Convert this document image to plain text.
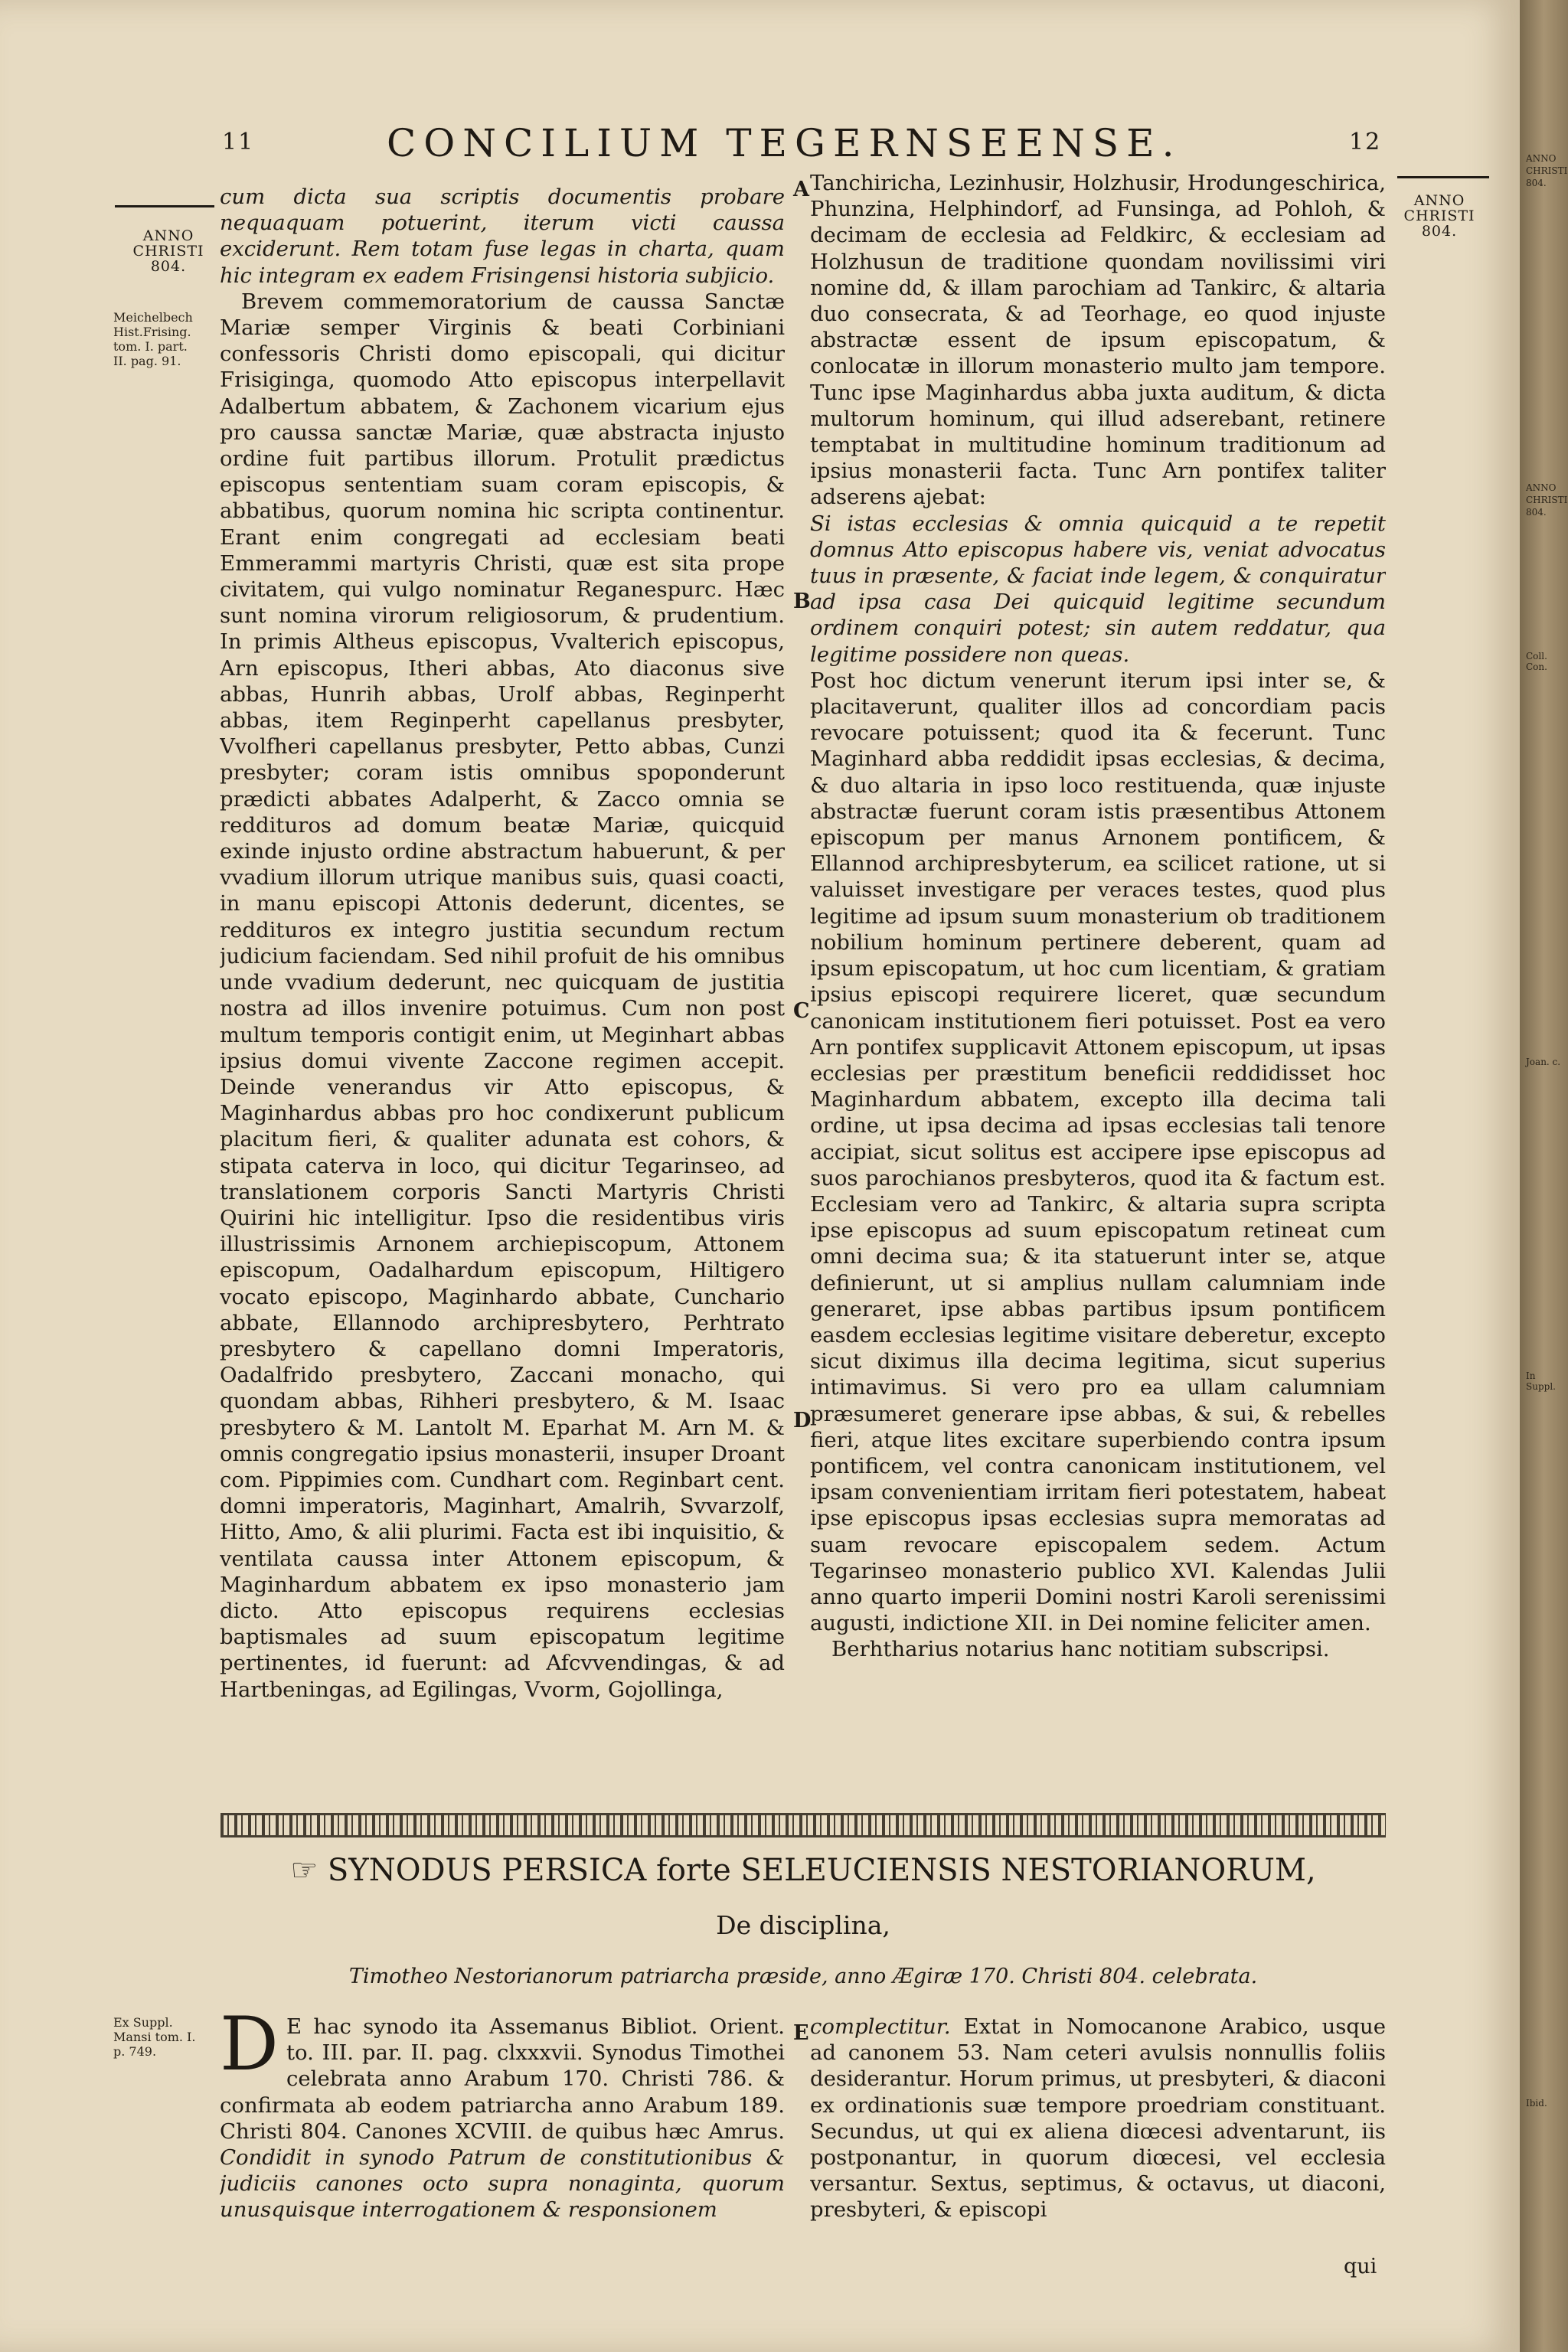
11	CONCILIUM TEGERNSEENSE.	12
ANNO
CHRISTI
804.
ANNO
CHRISTI
804.
Meichelbech
Hist.Frising.
tom. I. part.
II. pag. 91.
A
B
C
D
E

cum dicta sua scriptis documentis probare nequaquam potuerint, iterum victi caussa exciderunt. Rem totam fuse legas in charta, quam hic integram ex eadem Frisingensi historia subjicio.

Brevem commemoratorium de caussa Sanctæ Mariæ semper Virginis & beati Corbiniani confessoris Christi domo episcopali, qui dicitur Frisiginga, quomodo Atto episcopus interpellavit Adalbertum abbatem, & Zachonem vicarium ejus pro caussa sanctæ Mariæ, quæ abstracta injusto ordine fuit partibus illorum. Protulit prædictus episcopus sententiam suam coram episcopis, & abbatibus, quorum nomina hic scripta continentur. Erant enim congregati ad ecclesiam beati Emmerammi martyris Christi, quæ est sita prope civitatem, qui vulgo nominatur Reganespurc. Hæc sunt nomina virorum religiosorum, & prudentium. In primis Altheus episcopus, Vvalterich episcopus, Arn episcopus, Itheri abbas, Ato diaconus sive abbas, Hunrih abbas, Urolf abbas, Reginperht abbas, item Reginperht capellanus presbyter, Vvolfheri capellanus presbyter, Petto abbas, Cunzi presbyter; coram istis omnibus spoponderunt prædicti abbates Adalperht, & Zacco omnia se reddituros ad domum beatæ Mariæ, quicquid exinde injusto ordine abstractum habuerunt, & per vvadium illorum utrique manibus suis, quasi coacti, in manu episcopi Attonis dederunt, dicentes, se reddituros ex integro justitia secundum rectum judicium faciendam. Sed nihil profuit de his omnibus unde vvadium dederunt, nec quicquam de justitia nostra ad illos invenire potuimus. Cum non post multum temporis contigit enim, ut Meginhart abbas ipsius domui vivente Zaccone regimen accepit. Deinde venerandus vir Atto episcopus, & Maginhardus abbas pro hoc condixerunt publicum placitum fieri, & qualiter adunata est cohors, & stipata caterva in loco, qui dicitur Tegarinseo, ad translationem corporis Sancti Martyris Christi Quirini hic intelligitur. Ipso die residentibus viris illustrissimis Arnonem archiepiscopum, Attonem episcopum, Oadalhardum episcopum, Hiltigero vocato episcopo, Maginhardo abbate, Cunchario abbate, Ellannodo archipresbytero, Perhtrato presbytero & capellano domni Imperatoris, Oadalfrido presbytero, Zaccani monacho, qui quondam abbas, Rihheri presbytero, & M. Isaac presbytero & M. Lantolt M. Eparhat M. Arn M. & omnis congregatio ipsius monasterii, insuper Droant com. Pippimies com. Cundhart com. Reginbart cent. domni imperatoris, Maginhart, Amalrih, Svvarzolf, Hitto, Amo, & alii plurimi. Facta est ibi inquisitio, & ventilata caussa inter Attonem episcopum, & Maginhardum abbatem ex ipso monasterio jam dicto. Atto episcopus requirens ecclesias baptismales ad suum episcopatum legitime pertinentes, id fuerunt: ad Afcvvendingas, & ad Hartbeningas, ad Egilingas, Vvorm, Gojollinga,

Tanchiricha, Lezinhusir, Holzhusir, Hrodungeschirica, Phunzina, Helphindorf, ad Funsinga, ad Pohloh, & decimam de ecclesia ad Feldkirc, & ecclesiam ad Holzhusun de traditione quondam novilissimi viri nomine dd, & illam parochiam ad Tankirc, & altaria duo consecrata, & ad Teorhage, eo quod injuste abstractæ essent de ipsum episcopatum, & conlocatæ in illorum monasterio multo jam tempore. Tunc ipse Maginhardus abba juxta auditum, & dicta multorum hominum, qui illud adserebant, retinere temptabat in multitudine hominum traditionum ad ipsius monasterii facta. Tunc Arn pontifex taliter adserens ajebat:

Si istas ecclesias & omnia quicquid a te repetit domnus Atto episcopus habere vis, veniat advocatus tuus in præsente, & faciat inde legem, & conquiratur ad ipsa casa Dei quicquid legitime secundum ordinem conquiri potest; sin autem reddatur, qua legitime possidere non queas.

Post hoc dictum venerunt iterum ipsi inter se, & placitaverunt, qualiter illos ad concordiam pacis revocare potuissent; quod ita & fecerunt. Tunc Maginhard abba reddidit ipsas ecclesias, & decima, & duo altaria in ipso loco restituenda, quæ injuste abstractæ fuerunt coram istis præsentibus Attonem episcopum per manus Arnonem pontificem, & Ellannod archipresbyterum, ea scilicet ratione, ut si valuisset investigare per veraces testes, quod plus legitime ad ipsum suum monasterium ob traditionem nobilium hominum pertinere deberent, quam ad ipsum episcopatum, ut hoc cum licentiam, & gratiam ipsius episcopi requirere liceret, quæ secundum canonicam institutionem fieri potuisset. Post ea vero Arn pontifex supplicavit Attonem episcopum, ut ipsas ecclesias per præstitum beneficii reddidisset hoc Maginhardum abbatem, excepto illa decima tali ordine, ut ipsa decima ad ipsas ecclesias tali tenore accipiat, sicut solitus est accipere ipse episcopus ad suos parochianos presbyteros, quod ita & factum est. Ecclesiam vero ad Tankirc, & altaria supra scripta ipse episcopus ad suum episcopatum retineat cum omni decima sua; & ita statuerunt inter se, atque definierunt, ut si amplius nullam calumniam inde generaret, ipse abbas partibus ipsum pontificem easdem ecclesias legitime visitare deberetur, excepto sicut diximus illa decima legitima, sicut superius intimavimus. Si vero pro ea ullam calumniam præsumeret generare ipse abbas, & sui, & rebelles fieri, atque lites excitare superbiendo contra ipsum pontificem, vel contra canonicam institutionem, vel ipsam convenientiam irritam fieri potestatem, habeat ipse episcopus ipsas ecclesias supra memoratas ad suam revocare episcopalem sedem. Actum Tegarinseo monasterio publico XVI. Kalendas Julii anno quarto imperii Domini nostri Karoli serenissimi augusti, indictione XII. in Dei nomine feliciter amen.

Berhtharius notarius hanc notitiam subscripsi.

☞ SYNODUS PERSICA forte SELEUCIENSIS NESTORIANORUM,
De disciplina,
Timotheo Nestorianorum patriarcha præside, anno Ægiræ 170. Christi 804. celebrata.
Ex Suppl.
Mansi tom. I.
p. 749. D E hac synodo ita Assemanus Bibliot. Orient. to. III. par. II. pag. clxxxvii. Synodus Timothei celebrata anno Arabum 170. Christi 786. & confirmata ab eodem patriarcha anno Arabum 189. Christi 804. Canones XCVIII. de quibus hæc Amrus. Condidit in synodo Patrum de constitutionibus & judiciis canones octo supra nonaginta, quorum unusquisque interrogationem & responsionem
complectitur. Extat in Nomocanone Arabico, usque ad canonem 53. Nam ceteri avulsis nonnullis foliis desiderantur. Horum primus, ut presbyteri, & diaconi ex ordinationis suæ tempore proedriam constituant. Secundus, ut qui ex aliena diœcesi adventarunt, iis postponantur, in quorum diœcesi, vel ecclesia versantur. Sextus, septimus, & octavus, ut diaconi, presbyteri, & episcopi
qui
ANNO
CHRISTI
804.
ANNO
CHRISTI
804.
Coll. Con.
Joan. c.
In Suppl.
Ibid.
